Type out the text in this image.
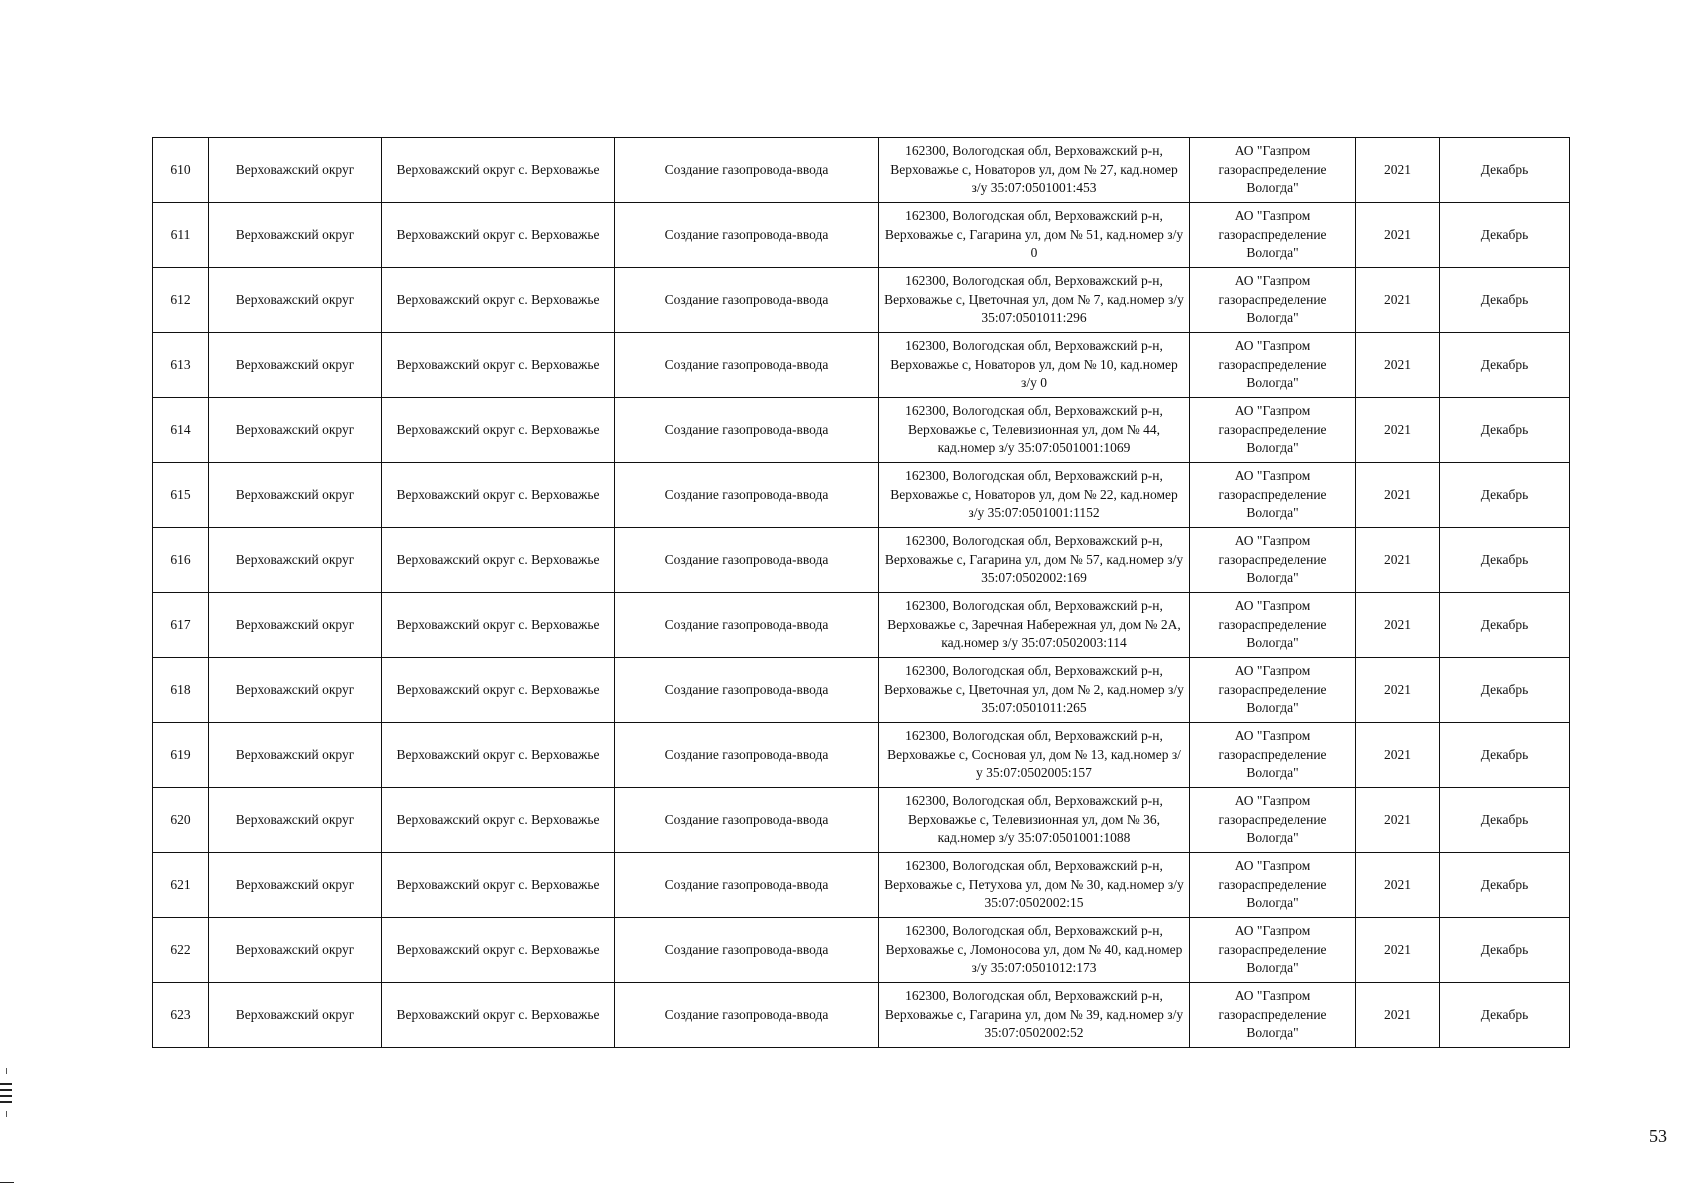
610	Верховажский округ	Верховажский округ с. Верховажье	Создание газопровода-ввода	162300, Вологодская обл, Верховажский р-н, Верховажье с, Новаторов ул, дом № 27, кад.номер з/у 35:07:0501001:453	АО "Газпром газораспределение Вологда"	2021	Декабрь
611	Верховажский округ	Верховажский округ с. Верховажье	Создание газопровода-ввода	162300, Вологодская обл, Верховажский р-н, Верховажье с, Гагарина ул, дом № 51, кад.номер з/у 0	АО "Газпром газораспределение Вологда"	2021	Декабрь
612	Верховажский округ	Верховажский округ с. Верховажье	Создание газопровода-ввода	162300, Вологодская обл, Верховажский р-н, Верховажье с, Цветочная ул, дом № 7, кад.номер з/у 35:07:0501011:296	АО "Газпром газораспределение Вологда"	2021	Декабрь
613	Верховажский округ	Верховажский округ с. Верховажье	Создание газопровода-ввода	162300, Вологодская обл, Верховажский р-н, Верховажье с, Новаторов ул, дом № 10, кад.номер з/у 0	АО "Газпром газораспределение Вологда"	2021	Декабрь
614	Верховажский округ	Верховажский округ с. Верховажье	Создание газопровода-ввода	162300, Вологодская обл, Верховажский р-н, Верховажье с, Телевизионная ул, дом № 44, кад.номер з/у 35:07:0501001:1069	АО "Газпром газораспределение Вологда"	2021	Декабрь
615	Верховажский округ	Верховажский округ с. Верховажье	Создание газопровода-ввода	162300, Вологодская обл, Верховажский р-н, Верховажье с, Новаторов ул, дом № 22, кад.номер з/у 35:07:0501001:1152	АО "Газпром газораспределение Вологда"	2021	Декабрь
616	Верховажский округ	Верховажский округ с. Верховажье	Создание газопровода-ввода	162300, Вологодская обл, Верховажский р-н, Верховажье с, Гагарина ул, дом № 57, кад.номер з/у 35:07:0502002:169	АО "Газпром газораспределение Вологда"	2021	Декабрь
617	Верховажский округ	Верховажский округ с. Верховажье	Создание газопровода-ввода	162300, Вологодская обл, Верховажский р-н, Верховажье с, Заречная Набережная ул, дом № 2А, кад.номер з/у 35:07:0502003:114	АО "Газпром газораспределение Вологда"	2021	Декабрь
618	Верховажский округ	Верховажский округ с. Верховажье	Создание газопровода-ввода	162300, Вологодская обл, Верховажский р-н, Верховажье с, Цветочная ул, дом № 2, кад.номер з/у 35:07:0501011:265	АО "Газпром газораспределение Вологда"	2021	Декабрь
619	Верховажский округ	Верховажский округ с. Верховажье	Создание газопровода-ввода	162300, Вологодская обл, Верховажский р-н, Верховажье с, Сосновая ул, дом № 13, кад.номер з/у 35:07:0502005:157	АО "Газпром газораспределение Вологда"	2021	Декабрь
620	Верховажский округ	Верховажский округ с. Верховажье	Создание газопровода-ввода	162300, Вологодская обл, Верховажский р-н, Верховажье с, Телевизионная ул, дом № 36, кад.номер з/у 35:07:0501001:1088	АО "Газпром газораспределение Вологда"	2021	Декабрь
621	Верховажский округ	Верховажский округ с. Верховажье	Создание газопровода-ввода	162300, Вологодская обл, Верховажский р-н, Верховажье с, Петухова ул, дом № 30, кад.номер з/у 35:07:0502002:15	АО "Газпром газораспределение Вологда"	2021	Декабрь
622	Верховажский округ	Верховажский округ с. Верховажье	Создание газопровода-ввода	162300, Вологодская обл, Верховажский р-н, Верховажье с, Ломоносова ул, дом № 40, кад.номер з/у 35:07:0501012:173	АО "Газпром газораспределение Вологда"	2021	Декабрь
623	Верховажский округ	Верховажский округ с. Верховажье	Создание газопровода-ввода	162300, Вологодская обл, Верховажский р-н, Верховажье с, Гагарина ул, дом № 39, кад.номер з/у 35:07:0502002:52	АО "Газпром газораспределение Вологда"	2021	Декабрь
53
